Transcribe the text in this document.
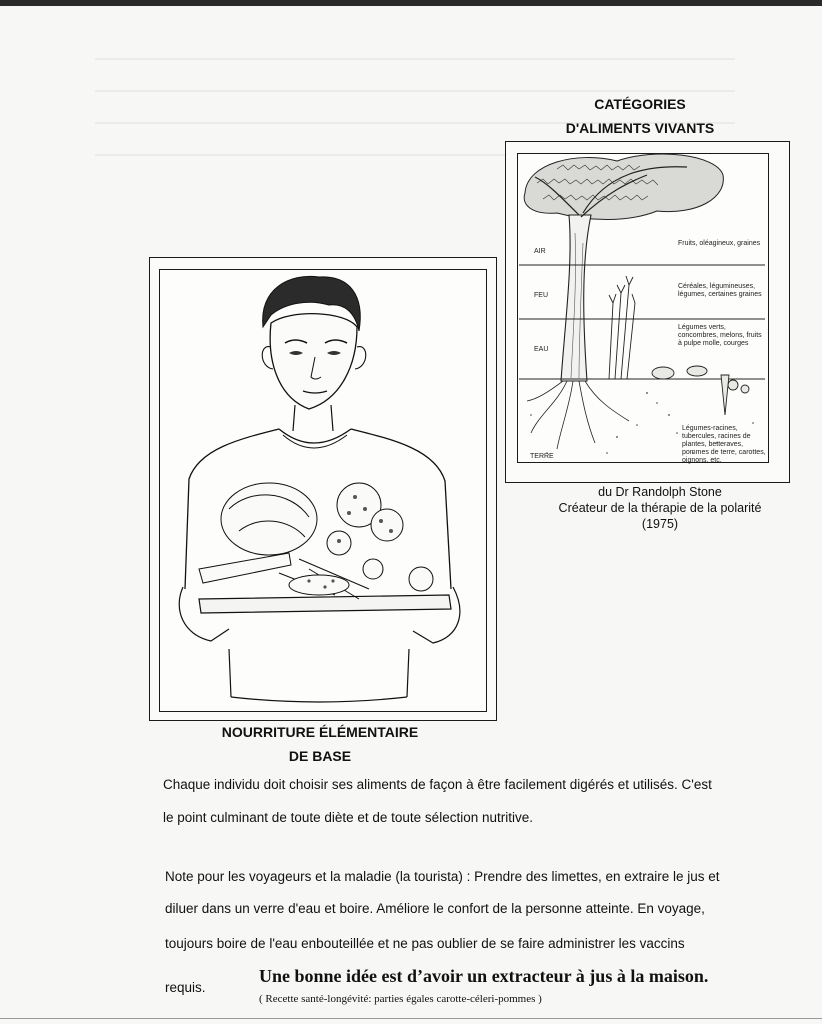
CATÉGORIES
D'ALIMENTS VIVANTS
AIR
FEU
EAU
TERRE
Fruits, oléagineux, graines
Céréales, légumineuses, légumes, certaines graines
Légumes verts, concombres, melons, fruits à pulpe molle, courges
Légumes-racines, tubercules, racines de plantes, betteraves, pommes de terre, carottes, oignons, etc.
du Dr Randolph Stone
Créateur de la thérapie de la polarité
(1975)
NOURRITURE ÉLÉMENTAIRE
DE BASE
Chaque individu doit choisir ses aliments de façon à être facilement digérés et utilisés. C'est
le point culminant de toute diète et de toute sélection nutritive.
Note pour les voyageurs et la maladie (la tourista) : Prendre des limettes, en extraire le jus et
diluer dans un verre d'eau et boire. Améliore le confort de la personne atteinte. En voyage,
toujours boire de l'eau enbouteillée et ne pas oublier de se faire administrer les vaccins
requis.
Une bonne idée est d’avoir un extracteur à jus à la maison.
( Recette santé-longévité: parties égales carotte-céleri-pommes )
